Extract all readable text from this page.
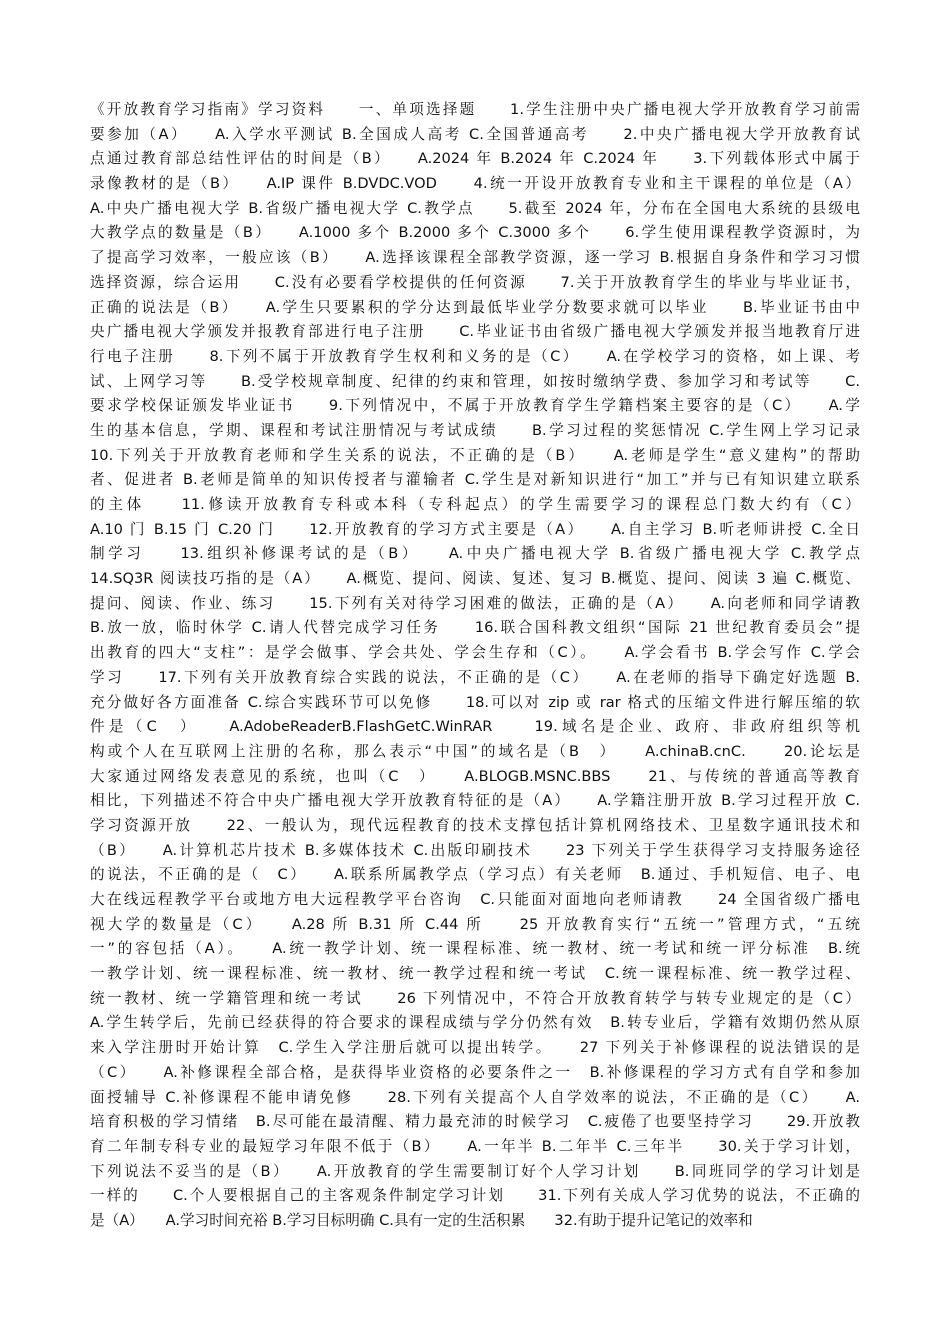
《开放教育学习指南》学习资料　　一、单项选择题　　1.学生注册中央广播电视大学开放教育学习前需
要参加（A）　　A.入学水平测试 B.全国成人高考 C.全国普通高考　　2.中央广播电视大学开放教育试
点通过教育部总结性评估的时间是（B）　　A.2024 年 B.2024 年 C.2024 年　　3.下列载体形式中属于
录像教材的是（B）　　A.IP 课件 B.DVDC.VOD　　4.统一开设开放教育专业和主干课程的单位是（A）
A.中央广播电视大学 B.省级广播电视大学 C.教学点　　5.截至 2024 年，分布在全国电大系统的县级电
大教学点的数量是（B）　　A.1000 多个 B.2000 多个 C.3000 多个　　6.学生使用课程教学资源时，为
了提高学习效率，一般应该（B）　　A.选择该课程全部教学资源，逐一学习 B.根据自身条件和学习习惯
选择资源，综合运用　　C.没有必要看学校提供的任何资源　　7.关于开放教育学生的毕业与毕业证书，
正确的说法是（B）　　A.学生只要累积的学分达到最低毕业学分数要求就可以毕业　　B.毕业证书由中
央广播电视大学颁发并报教育部进行电子注册　　C.毕业证书由省级广播电视大学颁发并报当地教育厅进
行电子注册　　8.下列不属于开放教育学生权利和义务的是（C）　　A.在学校学习的资格，如上课、考
试、上网学习等　　B.受学校规章制度、纪律的约束和管理，如按时缴纳学费、参加学习和考试等　　C.
要求学校保证颁发毕业证书　　9.下列情况中，不属于开放教育学生学籍档案主要容的是（C）　　A.学
生的基本信息，学期、课程和考试注册情况与考试成绩　　B.学习过程的奖惩情况 C.学生网上学习记录
10.下列关于开放教育老师和学生关系的说法，不正确的是（B）　　A.老师是学生“意义建构”的帮助
者、促进者 B.老师是简单的知识传授者与灌输者 C.学生是对新知识进行“加工”并与已有知识建立联系
的主体　　11.修读开放教育专科或本科（专科起点）的学生需要学习的课程总门数大约有（C）
A.10 门 B.15 门 C.20 门　　12.开放教育的学习方式主要是（A）　　A.自主学习 B.听老师讲授 C.全日
制学习　　13.组织补修课考试的是（B）　　A.中央广播电视大学 B.省级广播电视大学 C.教学点
14.SQ3R 阅读技巧指的是（A）　　A.概览、提问、阅读、复述、复习 B.概览、提问、阅读 3 遍 C.概览、
提问、阅读、作业、练习　　15.下列有关对待学习困难的做法，正确的是（A）　　A.向老师和同学请教
B.放一放，临时休学 C.请人代替完成学习任务　　16.联合国科教文组织“国际 21 世纪教育委员会”提
出教育的四大“支柱”：是学会做事、学会共处、学会生存和（C）。　　A.学会看书 B.学会写作 C.学会
学习　　17.下列有关开放教育综合实践的说法，不正确的是（C）　　A.在老师的指导下确定好选题 B.
充分做好各方面准备 C.综合实践环节可以免修　　18.可以对 zip 或 rar 格式的压缩文件进行解压缩的软
件是（C　）　　A.AdobeReaderB.FlashGetC.WinRAR　　19.域名是企业、政府、非政府组织等机
构或个人在互联网上注册的名称，那么表示“中国”的域名是（B　）　　A.chinaB.cnC.　　20.论坛是
大家通过网络发表意见的系统，也叫（C　）　　A.BLOGB.MSNC.BBS　　21、与传统的普通高等教育
相比，下列描述不符合中央广播电视大学开放教育特征的是（A）　　A.学籍注册开放 B.学习过程开放 C.
学习资源开放　　22、一般认为，现代远程教育的技术支撑包括计算机网络技术、卫星数字通讯技术和
（B）　　A.计算机芯片技术 B.多媒体技术 C.出版印刷技术　　23 下列关于学生获得学习支持服务途径
的说法，不正确的是（　C）　　A.联系所属教学点（学习点）有关老师　B.通过、手机短信、电子、电
大在线远程教学平台或地方电大远程教学平台咨询　C.只能面对面地向老师请教　　24 全国省级广播电
视大学的数量是（C）　　A.28 所 B.31 所 C.44 所　　25 开放教育实行“五统一”管理方式，“五统
一”的容包括（A）。　　A.统一教学计划、统一课程标准、统一教材、统一考试和统一评分标准　B.统
一教学计划、统一课程标准、统一教材、统一教学过程和统一考试　C.统一课程标准、统一教学过程、
统一教材、统一学籍管理和统一考试　　26 下列情况中，不符合开放教育转学与转专业规定的是（C）
A.学生转学后，先前已经获得的符合要求的课程成绩与学分仍然有效　B.转专业后，学籍有效期仍然从原
来入学注册时开始计算　C.学生入学注册后就可以提出转学。　　27 下列关于补修课程的说法错误的是
（C）　　A.补修课程全部合格，是获得毕业资格的必要条件之一　B.补修课程的学习方式有自学和参加
面授辅导 C.补修课程不能申请免修　　28.下列有关提高个人自学效率的说法，不正确的是（C）　　A.
培育积极的学习情绪　B.尽可能在最清醒、精力最充沛的时候学习　C.疲倦了也要坚持学习　　29.开放教
育二年制专科专业的最短学习年限不低于（B）　　A.一年半 B.二年半 C.三年半　　30.关于学习计划，
下列说法不妥当的是（B）　　A.开放教育的学生需要制订好个人学习计划　　B.同班同学的学习计划是
一样的　　C.个人要根据自己的主客观条件制定学习计划　　31.下列有关成人学习优势的说法，不正确的
是（A）　　A.学习时间充裕 B.学习目标明确 C.具有一定的生活积累　　32.有助于提升记笔记的效率和
